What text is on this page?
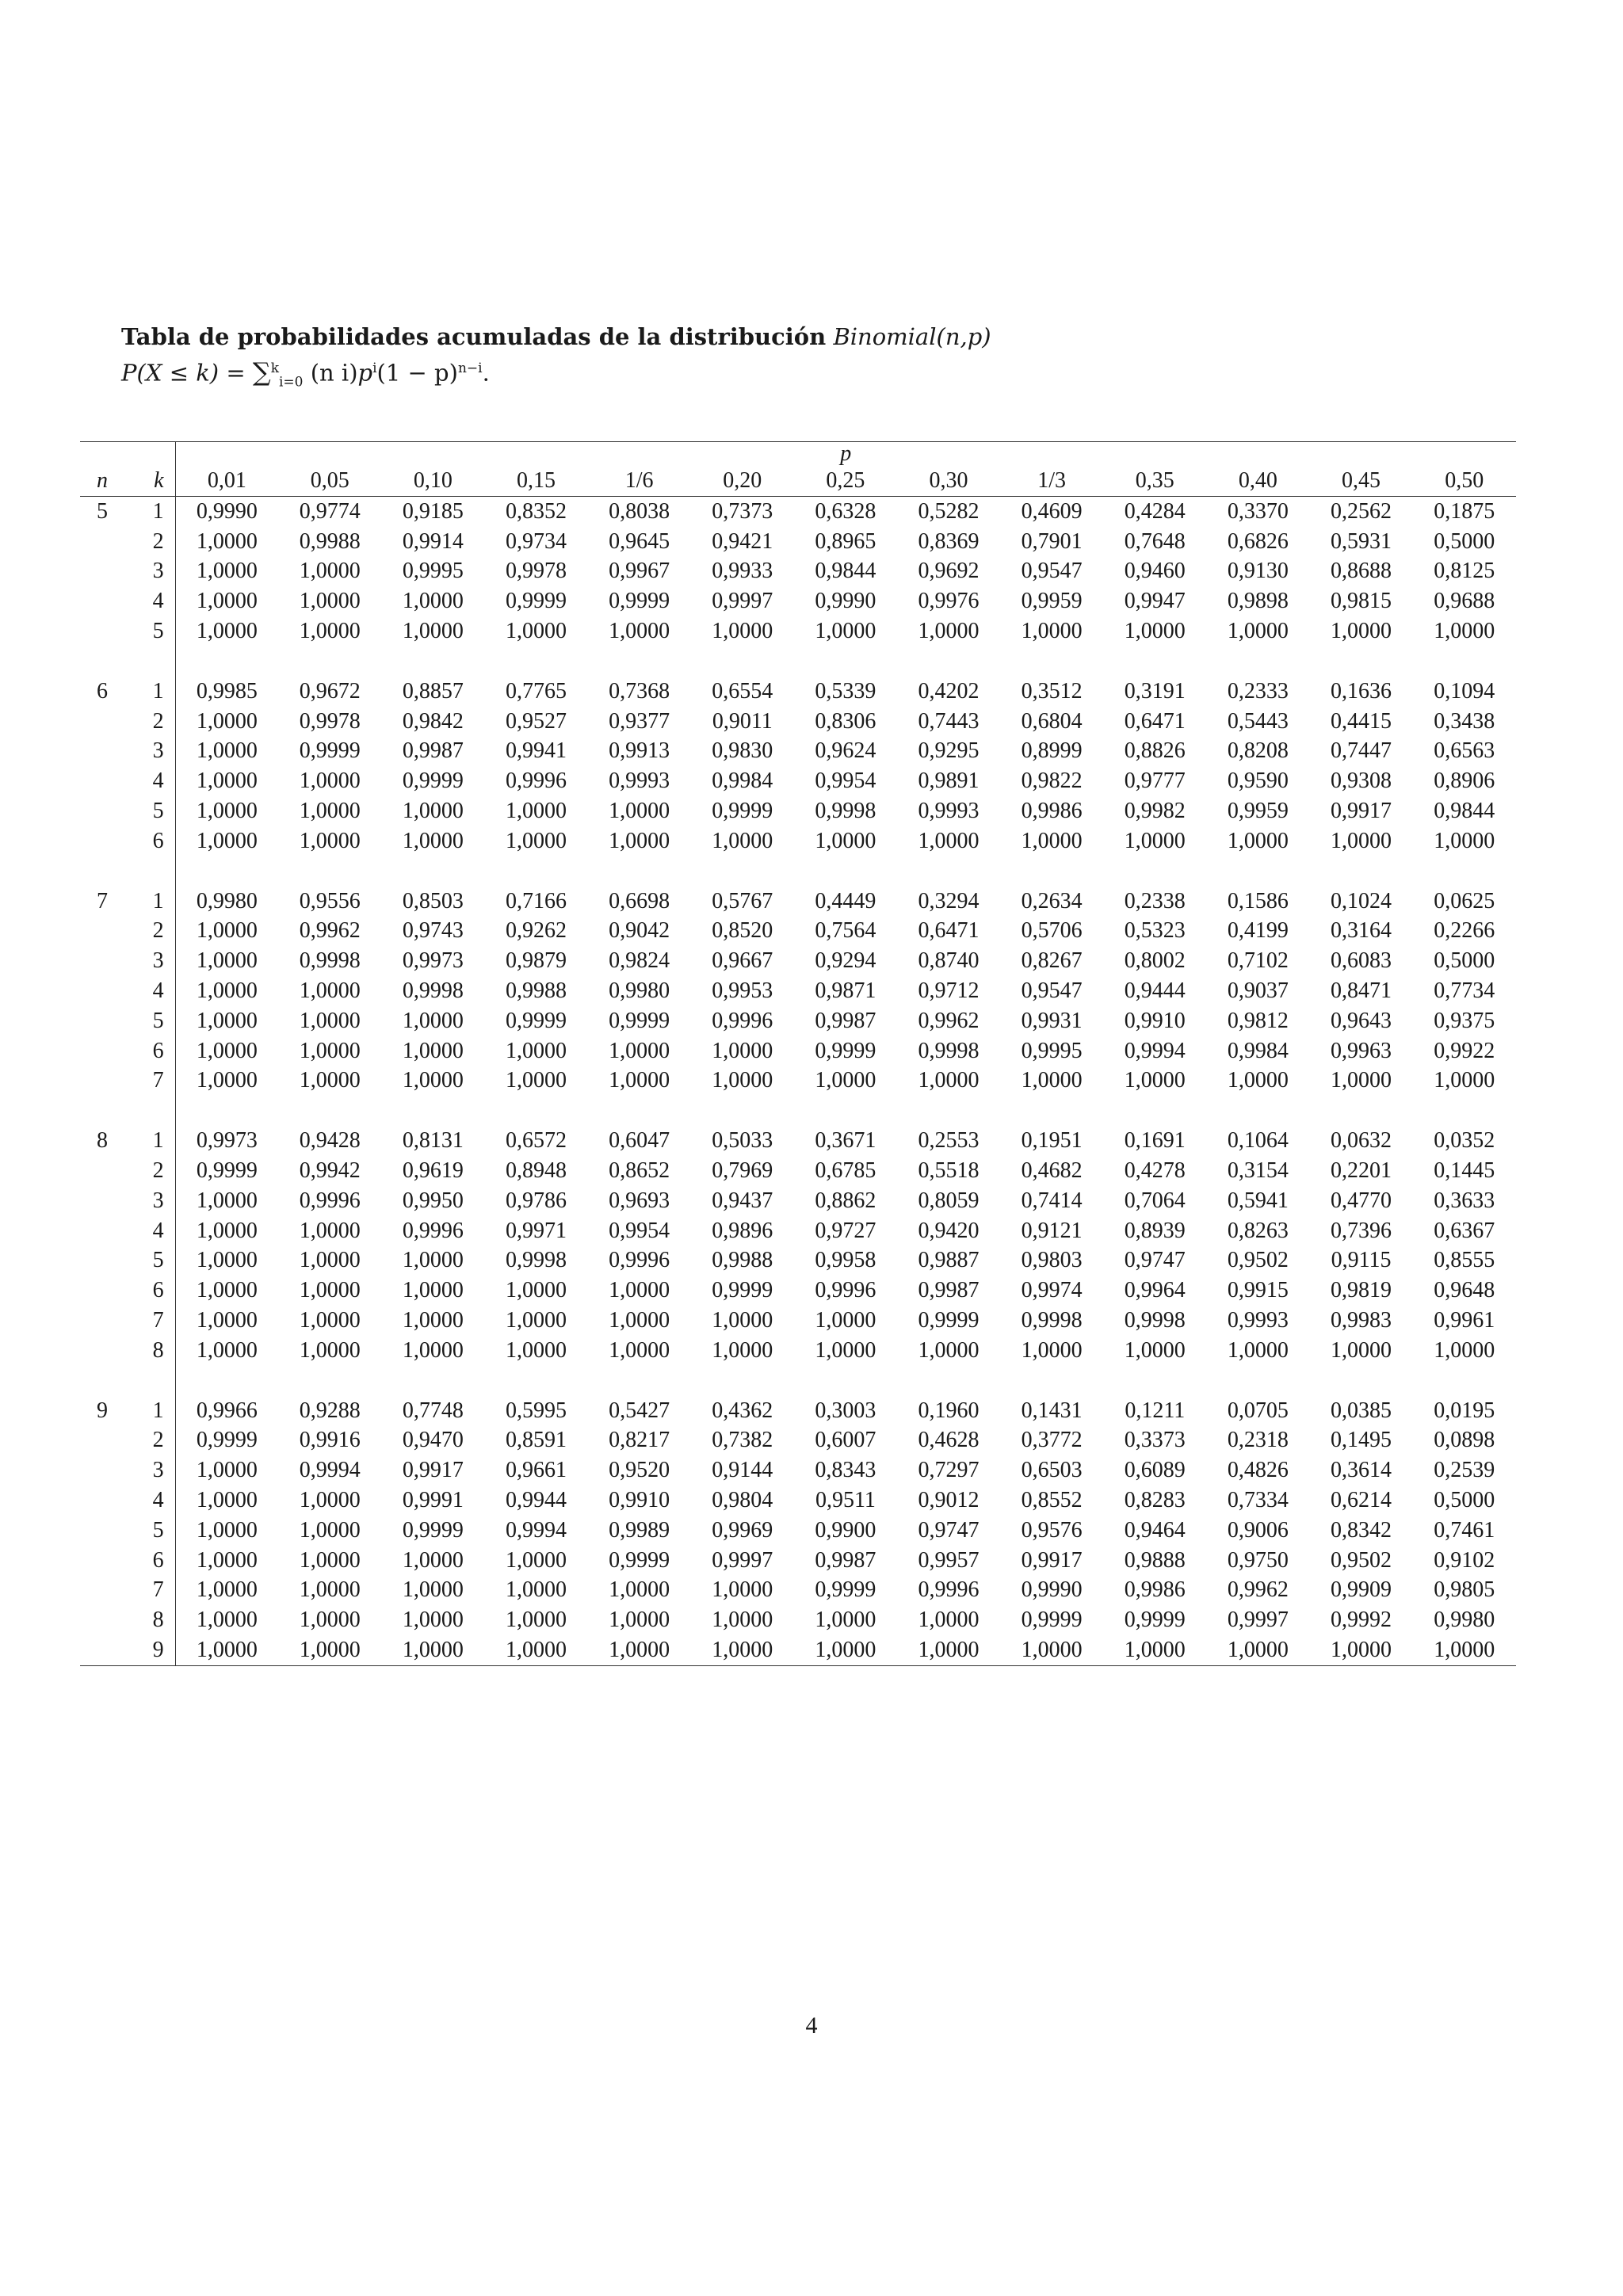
Tabla de probabilidades acumuladas de la distribución Binomial(n,p)
P(X ≤ k) = ∑$^k_{i=0}$ (n $i)p^i(1 - p)^{n-i}$.
		p												
n	k	0,01	0,05	0,10	0,15	1/6	0,20	0,25	0,30	1/3	0,35	0,40	0,45	0,50
5	1	0,9990	0,9774	0,9185	0,8352	0,8038	0,7373	0,6328	0,5282	0,4609	0,4284	0,3370	0,2562	0,1875
	2	1,0000	0,9988	0,9914	0,9734	0,9645	0,9421	0,8965	0,8369	0,7901	0,7648	0,6826	0,5931	0,5000
	3	1,0000	1,0000	0,9995	0,9978	0,9967	0,9933	0,9844	0,9692	0,9547	0,9460	0,9130	0,8688	0,8125
	4	1,0000	1,0000	1,0000	0,9999	0,9999	0,9997	0,9990	0,9976	0,9959	0,9947	0,9898	0,9815	0,9688
	5	1,0000	1,0000	1,0000	1,0000	1,0000	1,0000	1,0000	1,0000	1,0000	1,0000	1,0000	1,0000	1,0000

6	1	0,9985	0,9672	0,8857	0,7765	0,7368	0,6554	0,5339	0,4202	0,3512	0,3191	0,2333	0,1636	0,1094
	2	1,0000	0,9978	0,9842	0,9527	0,9377	0,9011	0,8306	0,7443	0,6804	0,6471	0,5443	0,4415	0,3438
	3	1,0000	0,9999	0,9987	0,9941	0,9913	0,9830	0,9624	0,9295	0,8999	0,8826	0,8208	0,7447	0,6563
	4	1,0000	1,0000	0,9999	0,9996	0,9993	0,9984	0,9954	0,9891	0,9822	0,9777	0,9590	0,9308	0,8906
	5	1,0000	1,0000	1,0000	1,0000	1,0000	0,9999	0,9998	0,9993	0,9986	0,9982	0,9959	0,9917	0,9844
	6	1,0000	1,0000	1,0000	1,0000	1,0000	1,0000	1,0000	1,0000	1,0000	1,0000	1,0000	1,0000	1,0000

7	1	0,9980	0,9556	0,8503	0,7166	0,6698	0,5767	0,4449	0,3294	0,2634	0,2338	0,1586	0,1024	0,0625
	2	1,0000	0,9962	0,9743	0,9262	0,9042	0,8520	0,7564	0,6471	0,5706	0,5323	0,4199	0,3164	0,2266
	3	1,0000	0,9998	0,9973	0,9879	0,9824	0,9667	0,9294	0,8740	0,8267	0,8002	0,7102	0,6083	0,5000
	4	1,0000	1,0000	0,9998	0,9988	0,9980	0,9953	0,9871	0,9712	0,9547	0,9444	0,9037	0,8471	0,7734
	5	1,0000	1,0000	1,0000	0,9999	0,9999	0,9996	0,9987	0,9962	0,9931	0,9910	0,9812	0,9643	0,9375
	6	1,0000	1,0000	1,0000	1,0000	1,0000	1,0000	0,9999	0,9998	0,9995	0,9994	0,9984	0,9963	0,9922
	7	1,0000	1,0000	1,0000	1,0000	1,0000	1,0000	1,0000	1,0000	1,0000	1,0000	1,0000	1,0000	1,0000

8	1	0,9973	0,9428	0,8131	0,6572	0,6047	0,5033	0,3671	0,2553	0,1951	0,1691	0,1064	0,0632	0,0352
	2	0,9999	0,9942	0,9619	0,8948	0,8652	0,7969	0,6785	0,5518	0,4682	0,4278	0,3154	0,2201	0,1445
	3	1,0000	0,9996	0,9950	0,9786	0,9693	0,9437	0,8862	0,8059	0,7414	0,7064	0,5941	0,4770	0,3633
	4	1,0000	1,0000	0,9996	0,9971	0,9954	0,9896	0,9727	0,9420	0,9121	0,8939	0,8263	0,7396	0,6367
	5	1,0000	1,0000	1,0000	0,9998	0,9996	0,9988	0,9958	0,9887	0,9803	0,9747	0,9502	0,9115	0,8555
	6	1,0000	1,0000	1,0000	1,0000	1,0000	0,9999	0,9996	0,9987	0,9974	0,9964	0,9915	0,9819	0,9648
	7	1,0000	1,0000	1,0000	1,0000	1,0000	1,0000	1,0000	0,9999	0,9998	0,9998	0,9993	0,9983	0,9961
	8	1,0000	1,0000	1,0000	1,0000	1,0000	1,0000	1,0000	1,0000	1,0000	1,0000	1,0000	1,0000	1,0000

9	1	0,9966	0,9288	0,7748	0,5995	0,5427	0,4362	0,3003	0,1960	0,1431	0,1211	0,0705	0,0385	0,0195
	2	0,9999	0,9916	0,9470	0,8591	0,8217	0,7382	0,6007	0,4628	0,3772	0,3373	0,2318	0,1495	0,0898
	3	1,0000	0,9994	0,9917	0,9661	0,9520	0,9144	0,8343	0,7297	0,6503	0,6089	0,4826	0,3614	0,2539
	4	1,0000	1,0000	0,9991	0,9944	0,9910	0,9804	0,9511	0,9012	0,8552	0,8283	0,7334	0,6214	0,5000
	5	1,0000	1,0000	0,9999	0,9994	0,9989	0,9969	0,9900	0,9747	0,9576	0,9464	0,9006	0,8342	0,7461
	6	1,0000	1,0000	1,0000	1,0000	0,9999	0,9997	0,9987	0,9957	0,9917	0,9888	0,9750	0,9502	0,9102
	7	1,0000	1,0000	1,0000	1,0000	1,0000	1,0000	0,9999	0,9996	0,9990	0,9986	0,9962	0,9909	0,9805
	8	1,0000	1,0000	1,0000	1,0000	1,0000	1,0000	1,0000	1,0000	0,9999	0,9999	0,9997	0,9992	0,9980
	9	1,0000	1,0000	1,0000	1,0000	1,0000	1,0000	1,0000	1,0000	1,0000	1,0000	1,0000	1,0000	1,0000
4
